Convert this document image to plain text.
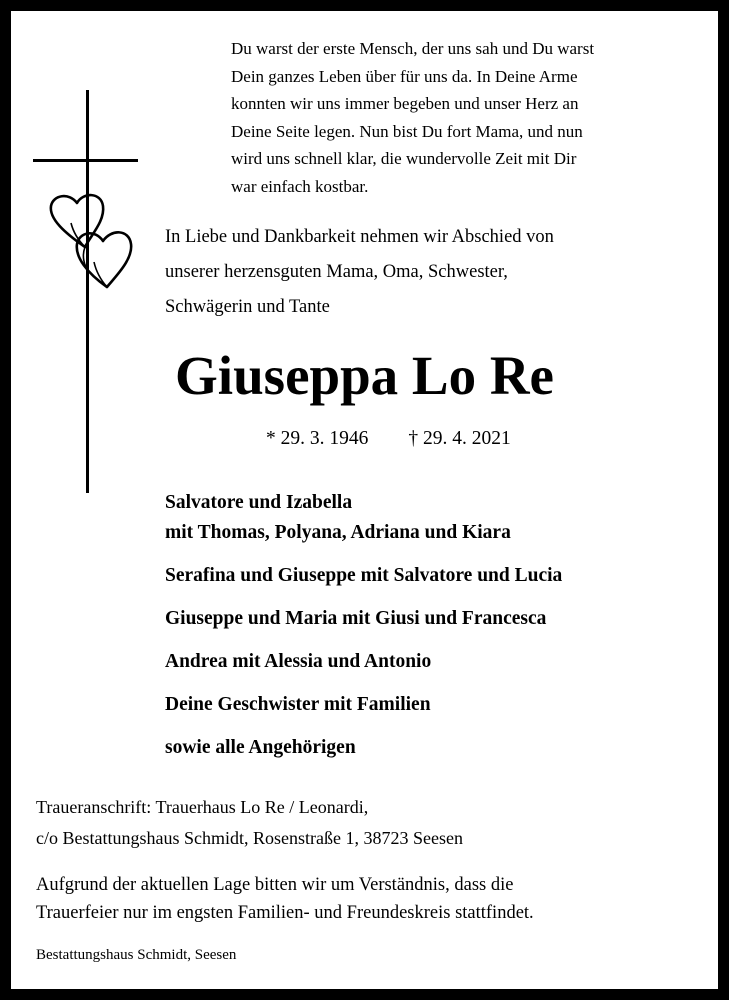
Du warst der erste Mensch, der uns sah und Du warst
Dein ganzes Leben über für uns da. In Deine Arme
konnten wir uns immer begeben und unser Herz an
Deine Seite legen. Nun bist Du fort Mama, und nun
wird uns schnell klar, die wundervolle Zeit mit Dir
war einfach kostbar.
In Liebe und Dankbarkeit nehmen wir Abschied von
unserer herzensguten Mama, Oma, Schwester,
Schwägerin und Tante
Giuseppa Lo Re
* 29. 3. 1946 † 29. 4. 2021
Salvatore und Izabella
mit Thomas, Polyana, Adriana und Kiara
Serafina und Giuseppe mit Salvatore und Lucia
Giuseppe und Maria mit Giusi und Francesca
Andrea mit Alessia und Antonio
Deine Geschwister mit Familien
sowie alle Angehörigen
Traueranschrift: Trauerhaus Lo Re / Leonardi,
c/o Bestattungshaus Schmidt, Rosenstraße 1, 38723 Seesen
Aufgrund der aktuellen Lage bitten wir um Verständnis, dass die
Trauerfeier nur im engsten Familien- und Freundeskreis stattfindet.
Bestattungshaus Schmidt, Seesen
